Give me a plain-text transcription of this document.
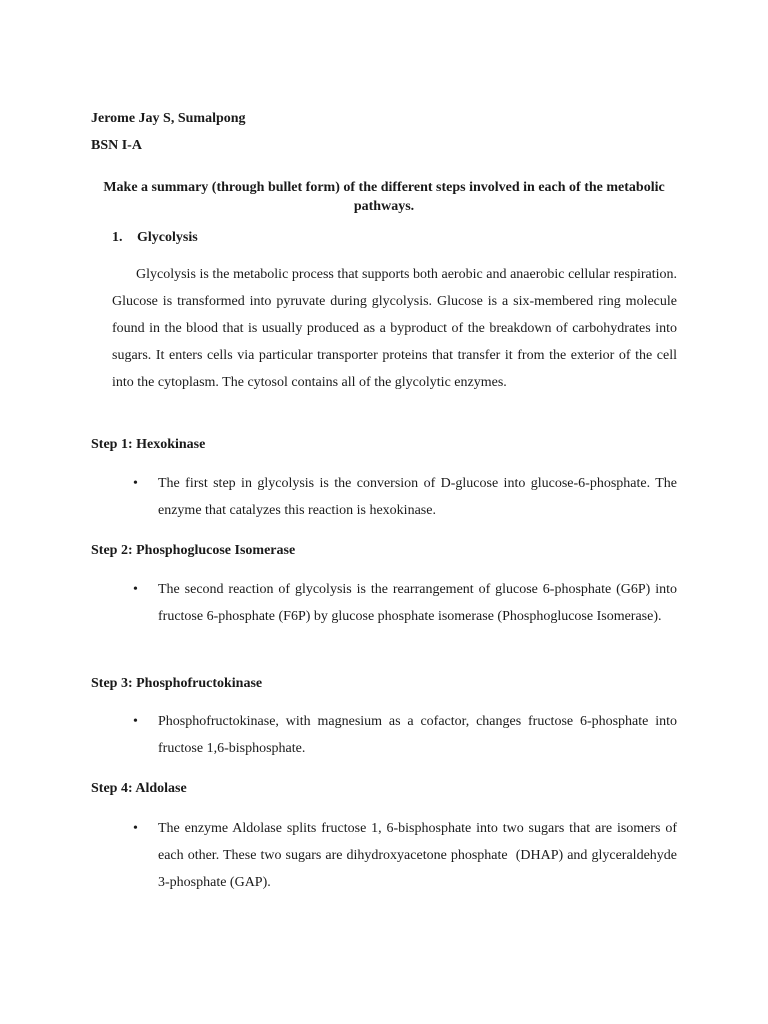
Jerome Jay S, Sumalpong
BSN I-A
Make a summary (through bullet form) of the different steps involved in each of the metabolic pathways.
1. Glycolysis
Glycolysis is the metabolic process that supports both aerobic and anaerobic cellular respiration. Glucose is transformed into pyruvate during glycolysis. Glucose is a six-membered ring molecule found in the blood that is usually produced as a byproduct of the breakdown of carbohydrates into sugars. It enters cells via particular transporter proteins that transfer it from the exterior of the cell into the cytoplasm. The cytosol contains all of the glycolytic enzymes.
Step 1: Hexokinase
• The first step in glycolysis is the conversion of D-glucose into glucose-6-phosphate. The enzyme that catalyzes this reaction is hexokinase.
Step 2: Phosphoglucose Isomerase
• The second reaction of glycolysis is the rearrangement of glucose 6-phosphate (G6P) into fructose 6-phosphate (F6P) by glucose phosphate isomerase (Phosphoglucose Isomerase).
Step 3: Phosphofructokinase
• Phosphofructokinase, with magnesium as a cofactor, changes fructose 6-phosphate into fructose 1,6-bisphosphate.
Step 4: Aldolase
• The enzyme Aldolase splits fructose 1, 6-bisphosphate into two sugars that are isomers of each other. These two sugars are dihydroxyacetone phosphate  (DHAP) and glyceraldehyde 3-phosphate (GAP).
